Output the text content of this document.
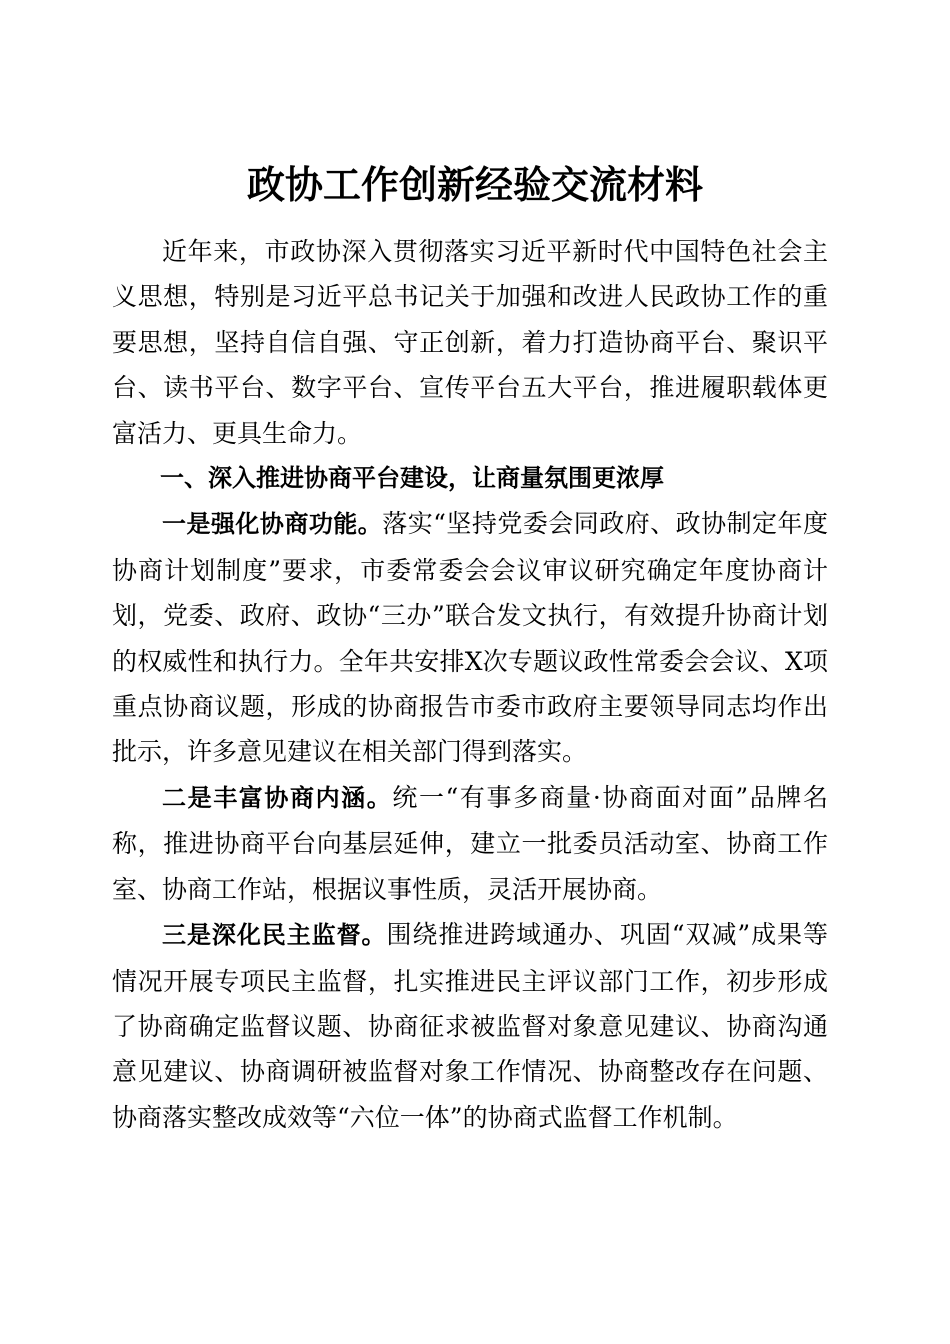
政协工作创新经验交流材料

近年来，市政协深入贯彻落实习近平新时代中国特色社会主义思想，特别是习近平总书记关于加强和改进人民政协工作的重要思想，坚持自信自强、守正创新，着力打造协商平台、聚识平台、读书平台、数字平台、宣传平台五大平台，推进履职载体更富活力、更具生命力。

一、深入推进协商平台建设，让商量氛围更浓厚

一是强化协商功能。落实“坚持党委会同政府、政协制定年度协商计划制度”要求，市委常委会会议审议研究确定年度协商计划，党委、政府、政协“三办”联合发文执行，有效提升协商计划的权威性和执行力。全年共安排X次专题议政性常委会会议、X项重点协商议题，形成的协商报告市委市政府主要领导同志均作出批示，许多意见建议在相关部门得到落实。

二是丰富协商内涵。统一“有事多商量·协商面对面”品牌名称，推进协商平台向基层延伸，建立一批委员活动室、协商工作室、协商工作站，根据议事性质，灵活开展协商。

三是深化民主监督。围绕推进跨域通办、巩固“双减”成果等情况开展专项民主监督，扎实推进民主评议部门工作，初步形成了协商确定监督议题、协商征求被监督对象意见建议、协商沟通意见建议、协商调研被监督对象工作情况、协商整改存在问题、协商落实整改成效等“六位一体”的协商式监督工作机制。
